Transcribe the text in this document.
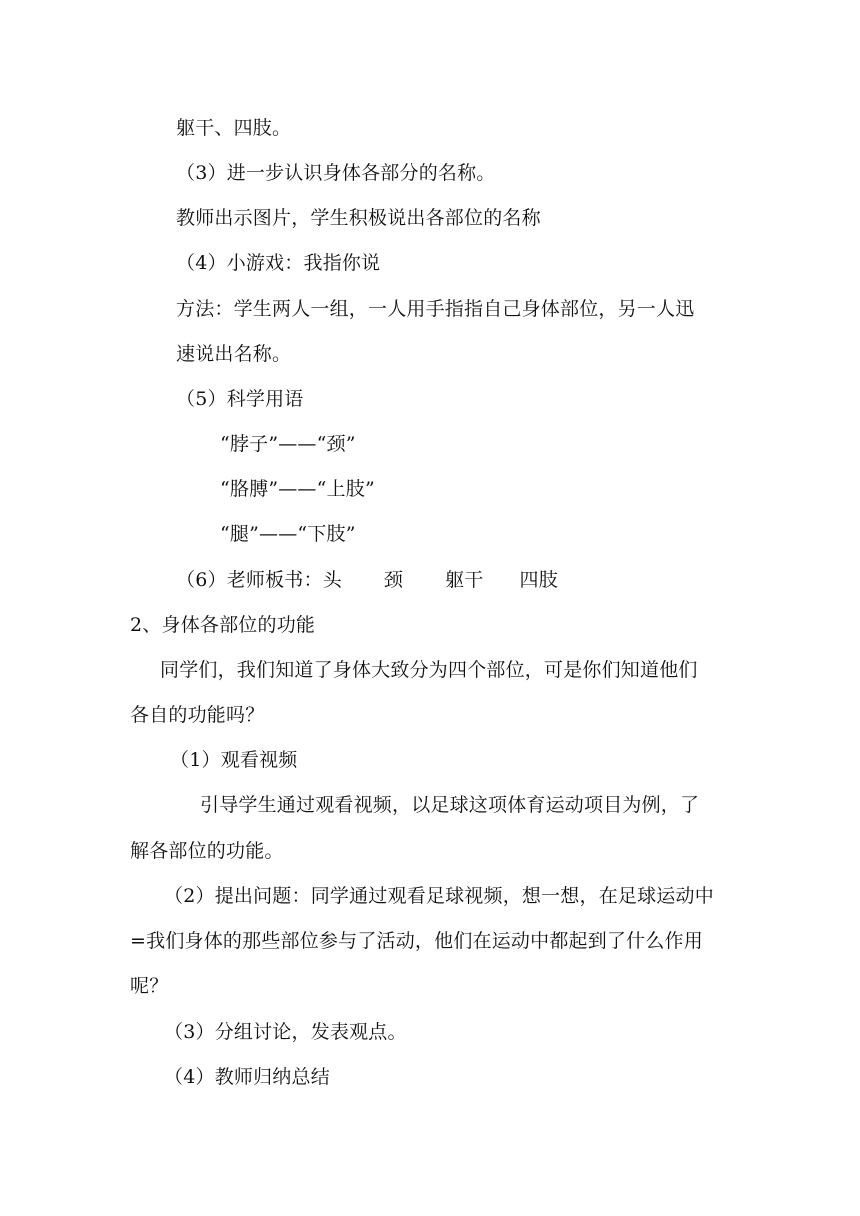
躯干、四肢。
（3）进一步认识身体各部分的名称。
教师出示图片，学生积极说出各部位的名称
（4）小游戏：我指你说
方法：学生两人一组，一人用手指指自己身体部位，另一人迅
速说出名称。
（5）科学用语
“脖子”——“颈”
“胳膊”——“上肢”
“腿”——“下肢”
（6）老师板书：头 颈 躯干 四肢
2、身体各部位的功能
同学们，我们知道了身体大致分为四个部位，可是你们知道他们
各自的功能吗？
（1）观看视频
引导学生通过观看视频，以足球这项体育运动项目为例，了
解各部位的功能。
（2）提出问题：同学通过观看足球视频，想一想，在足球运动中
=我们身体的那些部位参与了活动，他们在运动中都起到了什么作用
呢？
（3）分组讨论，发表观点。
（4）教师归纳总结
